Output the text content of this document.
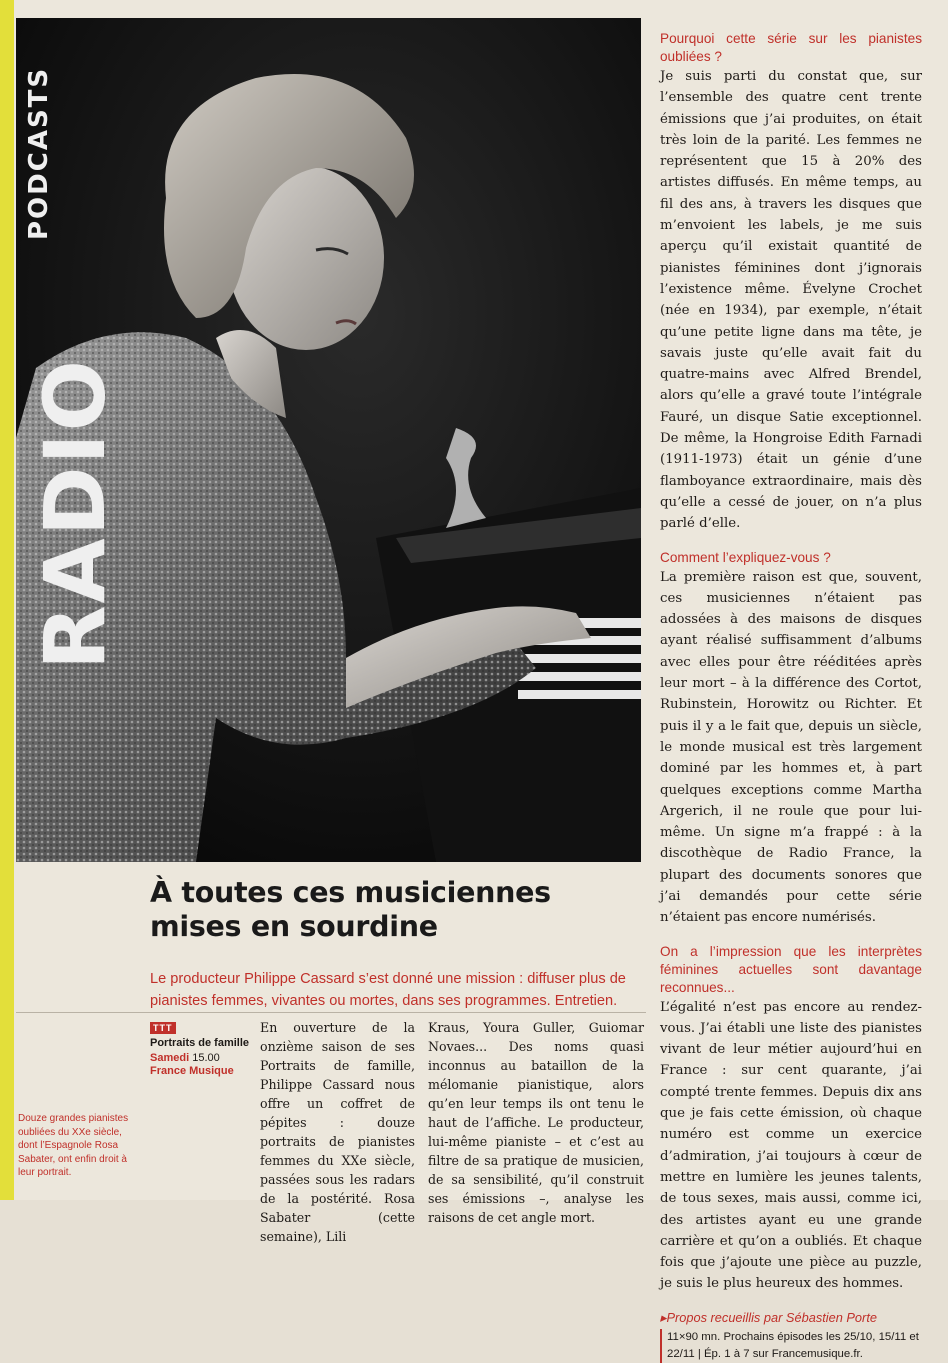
RADIO
PODCASTS

Pourquoi cette série sur les pianistes oubliées ?

Je suis parti du constat que, sur l’ensemble des quatre cent trente émissions que j’ai produites, on était très loin de la parité. Les femmes ne représentent que 15 à 20% des artistes diffusés. En même temps, au fil des ans, à travers les disques que m’envoient les labels, je me suis aperçu qu’il existait quantité de pianistes féminines dont j’ignorais l’existence même. Évelyne Crochet (née en 1934), par exemple, n’était qu’une petite ligne dans ma tête, je savais juste qu’elle avait fait du quatre-mains avec Alfred Brendel, alors qu’elle a gravé toute l’intégrale Fauré, un disque Satie exceptionnel. De même, la Hongroise Edith Farnadi (1911-1973) était un génie d’une flamboyance extraordinaire, mais dès qu’elle a cessé de jouer, on n’a plus parlé d’elle.

Comment l’expliquez-vous ?

La première raison est que, souvent, ces musiciennes n’étaient pas adossées à des maisons de disques ayant réalisé suffisamment d’albums avec elles pour être rééditées après leur mort – à la différence des Cortot, Rubinstein, Horowitz ou Richter. Et puis il y a le fait que, depuis un siècle, le monde musical est très largement dominé par les hommes et, à part quelques exceptions comme Martha Argerich, il ne roule que pour lui-même. Un signe m’a frappé : à la discothèque de Radio France, la plupart des documents sonores que j’ai demandés pour cette série n’étaient pas encore numérisés.

On a l’impression que les interprètes féminines actuelles sont davantage reconnues...

L’égalité n’est pas encore au rendez-vous. J’ai établi une liste des pianistes vivant de leur métier aujourd’hui en France : sur cent quarante, j’ai compté trente femmes. Depuis dix ans que je fais cette émission, où chaque numéro est comme un exercice d’admiration, j’ai toujours à cœur de mettre en lumière les jeunes talents, de tous sexes, mais aussi, comme ici, des artistes ayant eu une grande carrière et qu’on a oubliés. Et chaque fois que j’ajoute une pièce au puzzle, je suis le plus heureux des hommes.

▸Propos recueillis par Sébastien Porte
11×90 mn. Prochains épisodes les 25/10, 15/11 et 22/11 | Ép. 1 à 7 sur Francemusique.fr.
À toutes ces musiciennes
mises en sourdine
Le producteur Philippe Cassard s’est donné une mission : diffuser plus de pianistes femmes, vivantes ou mortes, dans ses programmes. Entretien.
TTT
Portraits de famille
Samedi 15.00
France Musique
Douze grandes pianistes oubliées du XXe siècle, dont l’Espagnole Rosa Sabater, ont enfin droit à leur portrait.

En ouverture de la onzième saison de ses Portraits de famille, Philippe Cassard nous offre un coffret de pépites : douze portraits de pianistes femmes du XXe siècle, passées sous les radars de la postérité. Rosa Sabater (cette semaine), Lili

Kraus, Youra Guller, Guiomar Novaes... Des noms quasi inconnus au bataillon de la mélomanie pianistique, alors qu’en leur temps ils ont tenu le haut de l’affiche. Le producteur, lui-même pianiste – et c’est au filtre de sa pratique de musicien, de sa sensibilité, qu’il construit ses émissions –, analyse les raisons de cet angle mort.
